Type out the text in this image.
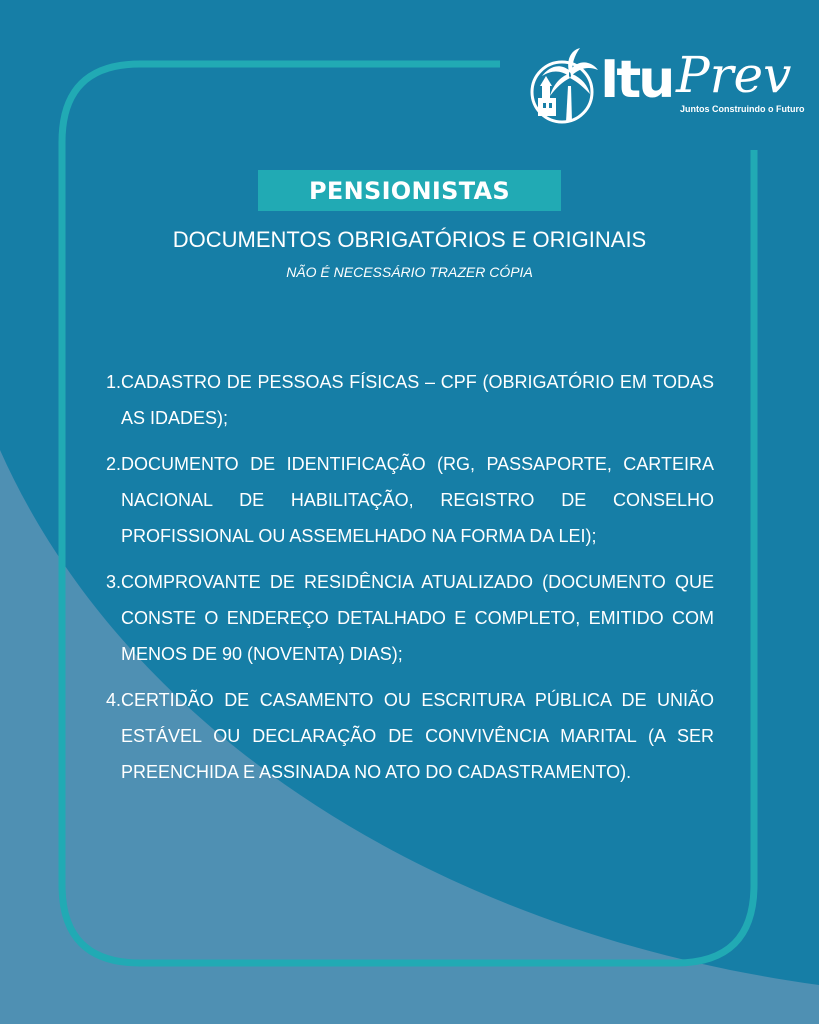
Itu Prev
Juntos Construindo o Futuro
PENSIONISTAS
DOCUMENTOS OBRIGATÓRIOS E ORIGINAIS
NÃO É NECESSÁRIO TRAZER CÓPIA
1. CADASTRO DE PESSOAS FÍSICAS – CPF (OBRIGATÓRIO EM TODAS AS IDADES);
2. DOCUMENTO DE IDENTIFICAÇÃO (RG, PASSAPORTE, CARTEIRA NACIONAL DE HABILITAÇÃO, REGISTRO DE CONSELHO PROFISSIONAL OU ASSEMELHADO NA FORMA DA LEI);
3. COMPROVANTE DE RESIDÊNCIA ATUALIZADO (DOCUMENTO QUE CONSTE O ENDEREÇO DETALHADO E COMPLETO, EMITIDO COM MENOS DE 90 (NOVENTA) DIAS);
4. CERTIDÃO DE CASAMENTO OU ESCRITURA PÚBLICA DE UNIÃO ESTÁVEL OU DECLARAÇÃO DE CONVIVÊNCIA MARITAL (A SER PREENCHIDA E ASSINADA NO ATO DO CADASTRAMENTO).
